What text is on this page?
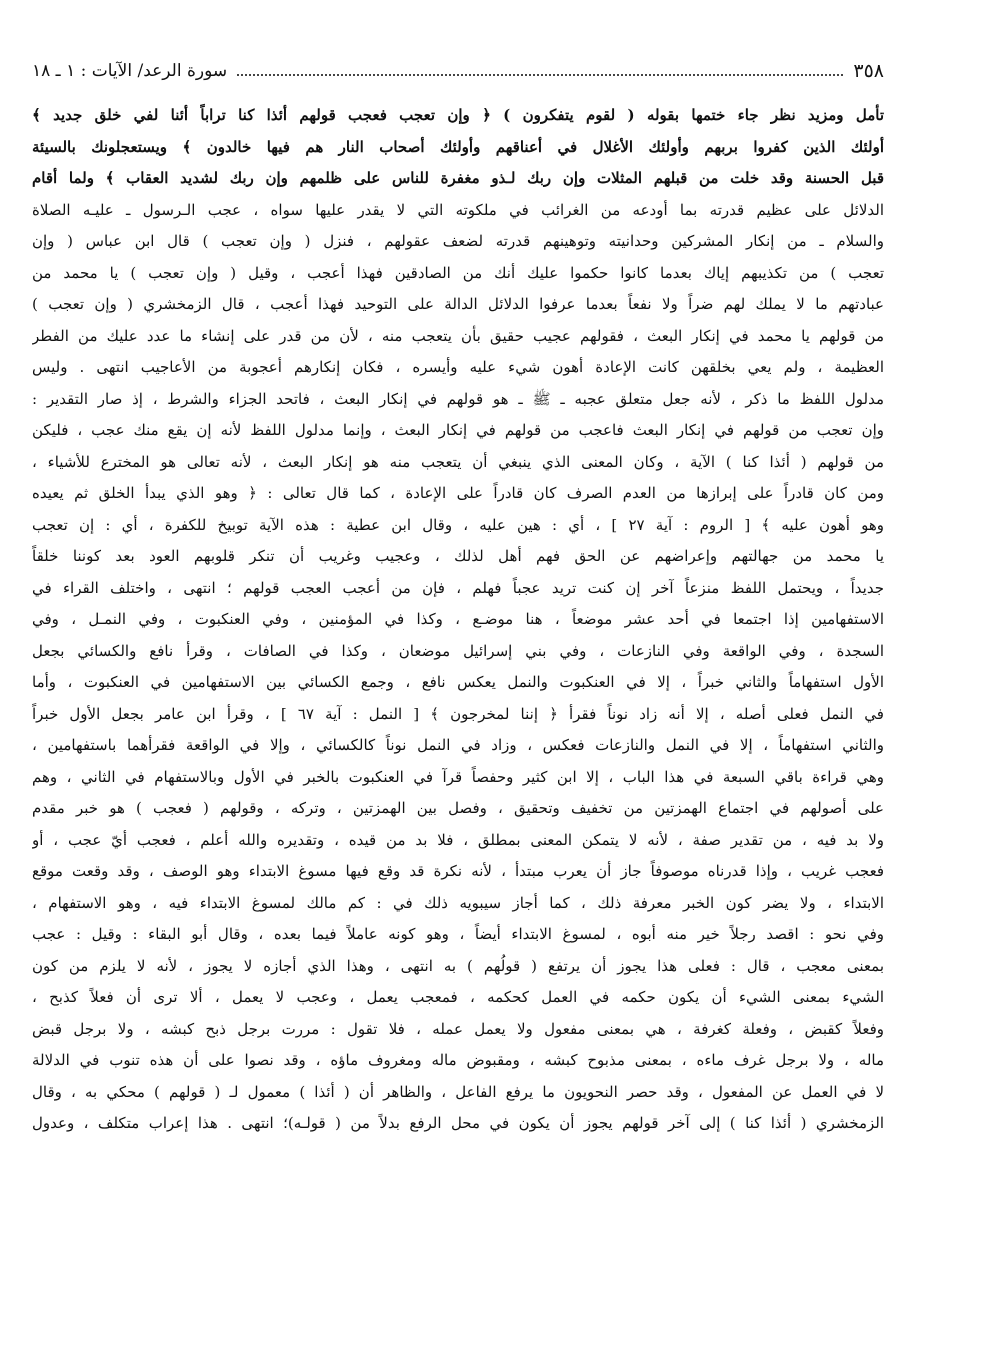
٣٥٨
سورة الرعد/ الآيات : ١ ـ ١٨
تأمل ومزيد نظر جاء ختمها بقوله ( لقوم يتفكرون ) ﴿ وإن تعجب فعجب قولهم أئذا كنا تراباً أئنا لفي خلق جديد ﴾
أولئك الذين كفروا بربهم وأولئك الأغلال في أعناقهم وأولئك أصحاب النار هم فيها خالدون ﴾ ويستعجلونك بالسيئة
قبل الحسنة وقد خلت من قبلهم المثلات وإن ربك لـذو مغفرة للناس على ظلمهم وإن ربك لشديد العقاب ﴾ ولما أقام
الدلائل على عظيم قدرته بما أودعه من الغرائب في ملكوته التي لا يقدر عليها سواه ، عجب الـرسول ـ عليـه الصلاة
والسلام ـ من إنكار المشركين وحدانيته وتوهينهم قدرته لضعف عقولهم ، فنزل ( وإن تعجب ) قال ابن عباس ( وإن
تعجب ) من تكذيبهم إياك بعدما كانوا حكموا عليك أنك من الصادقين فهذا أعجب ، وقيل ( وإن تعجب ) يا محمد من
عبادتهم ما لا يملك لهم ضراً ولا نفعاً بعدما عرفوا الدلائل الدالة على التوحيد فهذا أعجب ، قال الزمخشري ( وإن تعجب )
من قولهم يا محمد في إنكار البعث ، فقولهم عجيب حقيق بأن يتعجب منه ، لأن من قدر على إنشاء ما عدد عليك من الفطر
العظيمة ، ولم يعي بخلقهن كانت الإعادة أهون شيء عليه وأيسره ، فكان إنكارهم أعجوبة من الأعاجيب انتهى . وليس
مدلول اللفظ ما ذكر ، لأنه جعل متعلق عجبه ـ ﷺ ـ هو قولهم في إنكار البعث ، فاتحد الجزاء والشرط ، إذ صار التقدير :
وإن تعجب من قولهم في إنكار البعث فاعجب من قولهم في إنكار البعث ، وإنما مدلول اللفظ لأنه إن يقع منك عجب ، فليكن
من قولهم ( أئذا كنا ) الآية ، وكان المعنى الذي ينبغي أن يتعجب منه هو إنكار البعث ، لأنه تعالى هو المخترع للأشياء ،
ومن كان قادراً على إبرازها من العدم الصرف كان قادراً على الإعادة ، كما قال تعالى : ﴿ وهو الذي يبدأ الخلق ثم يعيده
وهو أهون عليه ﴾ [ الروم : آية ٢٧ ] ، أي : هين عليه ، وقال ابن عطية : هذه الآية توبيخ للكفرة ، أي : إن تعجب
يا محمد من جهالتهم وإعراضهم عن الحق فهم أهل لذلك ، وعجيب وغريب أن تنكر قلوبهم العود بعد كوننا خلقاً
جديداً ، ويحتمل اللفظ منزعاً آخر إن كنت تريد عجباً فهلم ، فإن من أعجب العجب قولهم ؛ انتهى ، واختلف القراء في
الاستفهامين إذا اجتمعا في أحد عشر موضعاً ، هنا موضـع ، وكذا في المؤمنين ، وفي العنكبوت ، وفي النمـل ، وفي
السجدة ، وفي الواقعة وفي النازعات ، وفي بني إسرائيل موضعان ، وكذا في الصافات ، وقرأ نافع والكسائي بجعل
الأول استفهاماً والثاني خبراً ، إلا في العنكبوت والنمل يعكس نافع ، وجمع الكسائي بين الاستفهامين في العنكبوت ، وأما
في النمل فعلى أصله ، إلا أنه زاد نوناً فقرأ ﴿ إننا لمخرجون ﴾ [ النمل : آية ٦٧ ] ، وقرأ ابن عامر بجعل الأول خبراً
والثاني استفهاماً ، إلا في النمل والنازعات فعكس ، وزاد في النمل نوناً كالكسائي ، وإلا في الواقعة فقرأهما باستفهامين ،
وهي قراءة باقي السبعة في هذا الباب ، إلا ابن كثير وحفصاً قرآ في العنكبوت بالخبر في الأول وبالاستفهام في الثاني ، وهم
على أصولهم في اجتماع الهمزتين من تخفيف وتحقيق ، وفصل بين الهمزتين ، وتركه ، وقولهم ( فعجب ) هو خبر مقدم
ولا بد فيه ، من تقدير صفة ، لأنه لا يتمكن المعنى بمطلق ، فلا بد من قيده ، وتقديره والله أعلم ، فعجب أيّ عجب ، أو
فعجب غريب ، وإذا قدرناه موصوفاً جاز أن يعرب مبتدأ ، لأنه نكرة قد وقع فيها مسوغ الابتداء وهو الوصف ، وقد وقعت موقع
الابتداء ، ولا يضر كون الخبر معرفة ذلك ، كما أجاز سيبويه ذلك في : كم مالك لمسوغ الابتداء فيه ، وهو الاستفهام ،
وفي نحو : اقصد رجلاً خير منه أبوه ، لمسوغ الابتداء أيضاً ، وهو كونه عاملاً فيما بعده ، وقال أبو البقاء : وقيل : عجب
بمعنى معجب ، قال : فعلى هذا يجوز أن يرتفع ( قولُهم ) به انتهى ، وهذا الذي أجازه لا يجوز ، لأنه لا يلزم من كون
الشيء بمعنى الشيء أن يكون حكمه في العمل كحكمه ، فمعجب يعمل ، وعجب لا يعمل ، ألا ترى أن فعلاً كذبح ،
وفعلاً كقبض ، وفعلة كغرفة ، هي بمعنى مفعول ولا يعمل عمله ، فلا تقول : مررت برجل ذبح كبشه ، ولا برجل قبض
ماله ، ولا برجل غرف ماءه ، بمعنى مذبوح كبشه ، ومقبوض ماله ومغروف ماؤه ، وقد نصوا على أن هذه تنوب في الدلالة
لا في العمل عن المفعول ، وقد حصر النحويون ما يرفع الفاعل ، والظاهر أن ( أئذا ) معمول لـ ( قولهم ) محكي به ، وقال
الزمخشري ( أئذا كنا ) إلى آخر قولهم يجوز أن يكون في محل الرفع بدلاً من ( قولـه)؛ انتهى . هذا إعراب متكلف ، وعدول
